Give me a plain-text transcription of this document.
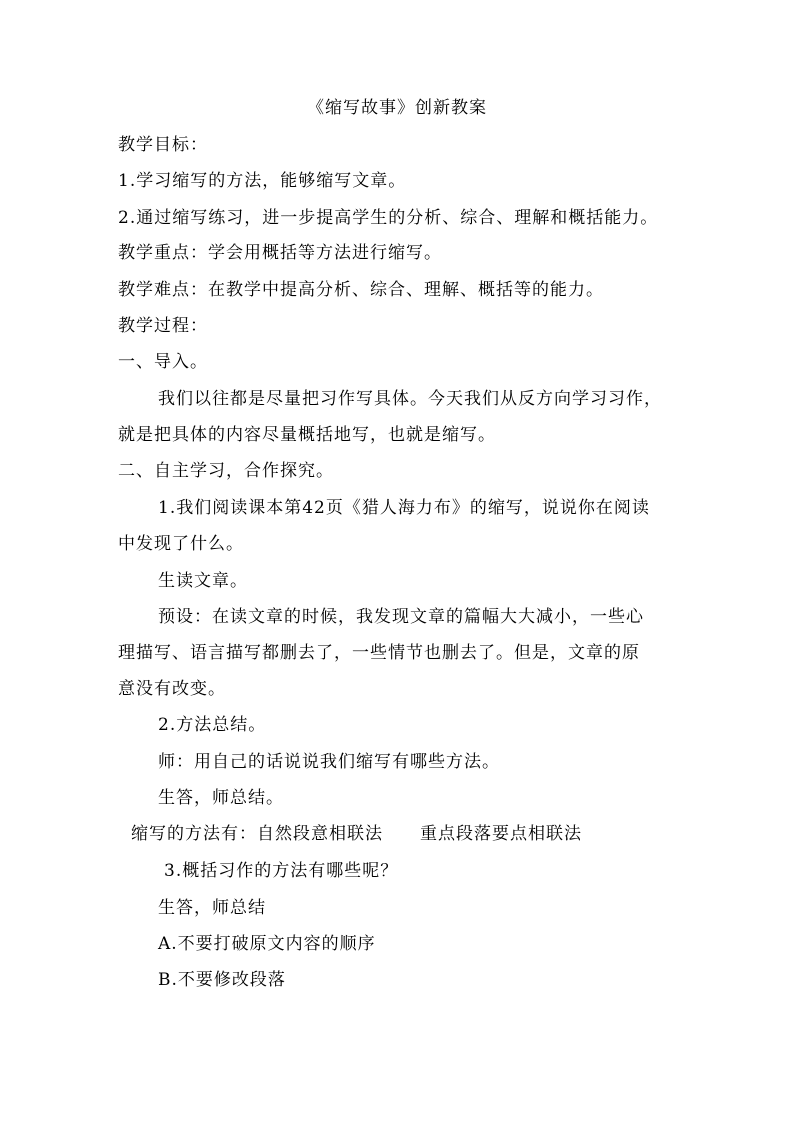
《缩写故事》创新教案
教学目标：
1.学习缩写的方法，能够缩写文章。
2.通过缩写练习，进一步提高学生的分析、综合、理解和概括能力。
教学重点：学会用概括等方法进行缩写。
教学难点：在教学中提高分析、综合、理解、概括等的能力。
教学过程：
一、导入。
我们以往都是尽量把习作写具体。今天我们从反方向学习习作，
就是把具体的内容尽量概括地写，也就是缩写。
二、自主学习，合作探究。
1.我们阅读课本第42页《猎人海力布》的缩写，说说你在阅读
中发现了什么。
生读文章。
预设：在读文章的时候，我发现文章的篇幅大大减小，一些心
理描写、语言描写都删去了，一些情节也删去了。但是，文章的原
意没有改变。
2.方法总结。
师：用自己的话说说我们缩写有哪些方法。
生答，师总结。
缩写的方法有：自然段意相联法 重点段落要点相联法
3.概括习作的方法有哪些呢？
生答，师总结
A.不要打破原文内容的顺序
B.不要修改段落
